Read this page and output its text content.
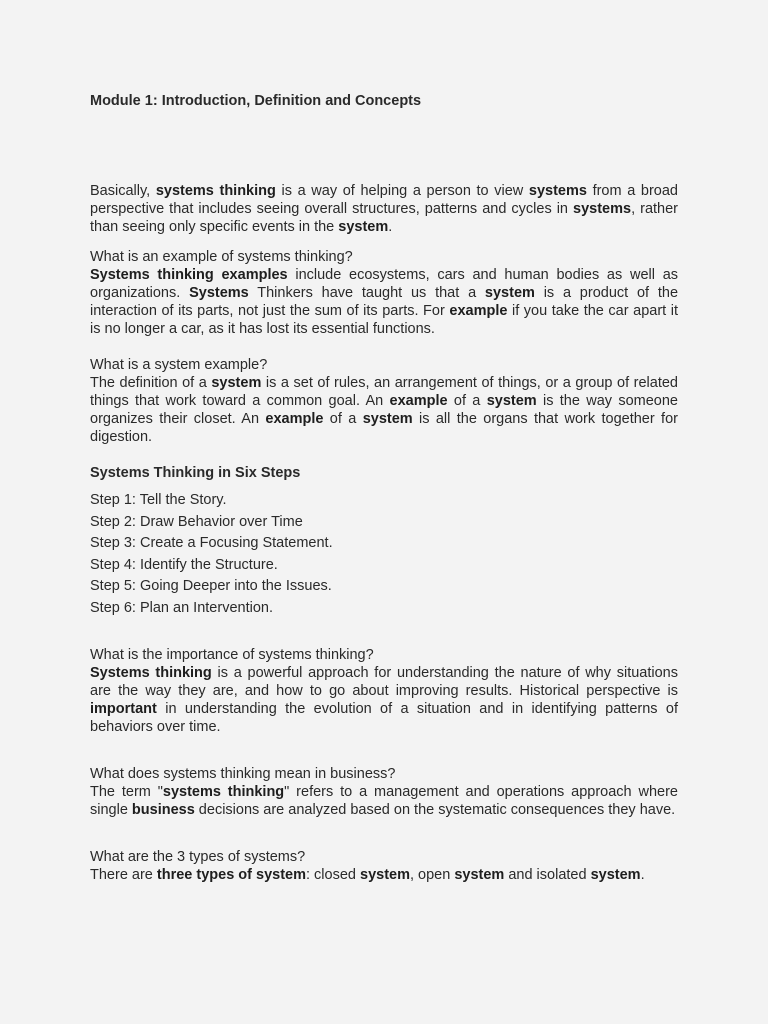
Module 1: Introduction, Definition and Concepts

Basically, systems thinking is a way of helping a person to view systems from a broad perspective that includes seeing overall structures, patterns and cycles in systems, rather than seeing only specific events in the system.

What is an example of systems thinking?

Systems thinking examples include ecosystems, cars and human bodies as well as organizations. Systems Thinkers have taught us that a system is a product of the interaction of its parts, not just the sum of its parts. For example if you take the car apart it is no longer a car, as it has lost its essential functions.

What is a system example?

The definition of a system is a set of rules, an arrangement of things, or a group of related things that work toward a common goal. An example of a system is the way someone organizes their closet. An example of a system is all the organs that work together for digestion.

Systems Thinking in Six Steps

Step 1: Tell the Story.

Step 2: Draw Behavior over Time

Step 3: Create a Focusing Statement.

Step 4: Identify the Structure.

Step 5: Going Deeper into the Issues.

Step 6: Plan an Intervention.

What is the importance of systems thinking?

Systems thinking is a powerful approach for understanding the nature of why situations are the way they are, and how to go about improving results. Historical perspective is important in understanding the evolution of a situation and in identifying patterns of behaviors over time.

What does systems thinking mean in business?

The term "systems thinking" refers to a management and operations approach where single business decisions are analyzed based on the systematic consequences they have.

What are the 3 types of systems?

There are three types of system: closed system, open system and isolated system.
